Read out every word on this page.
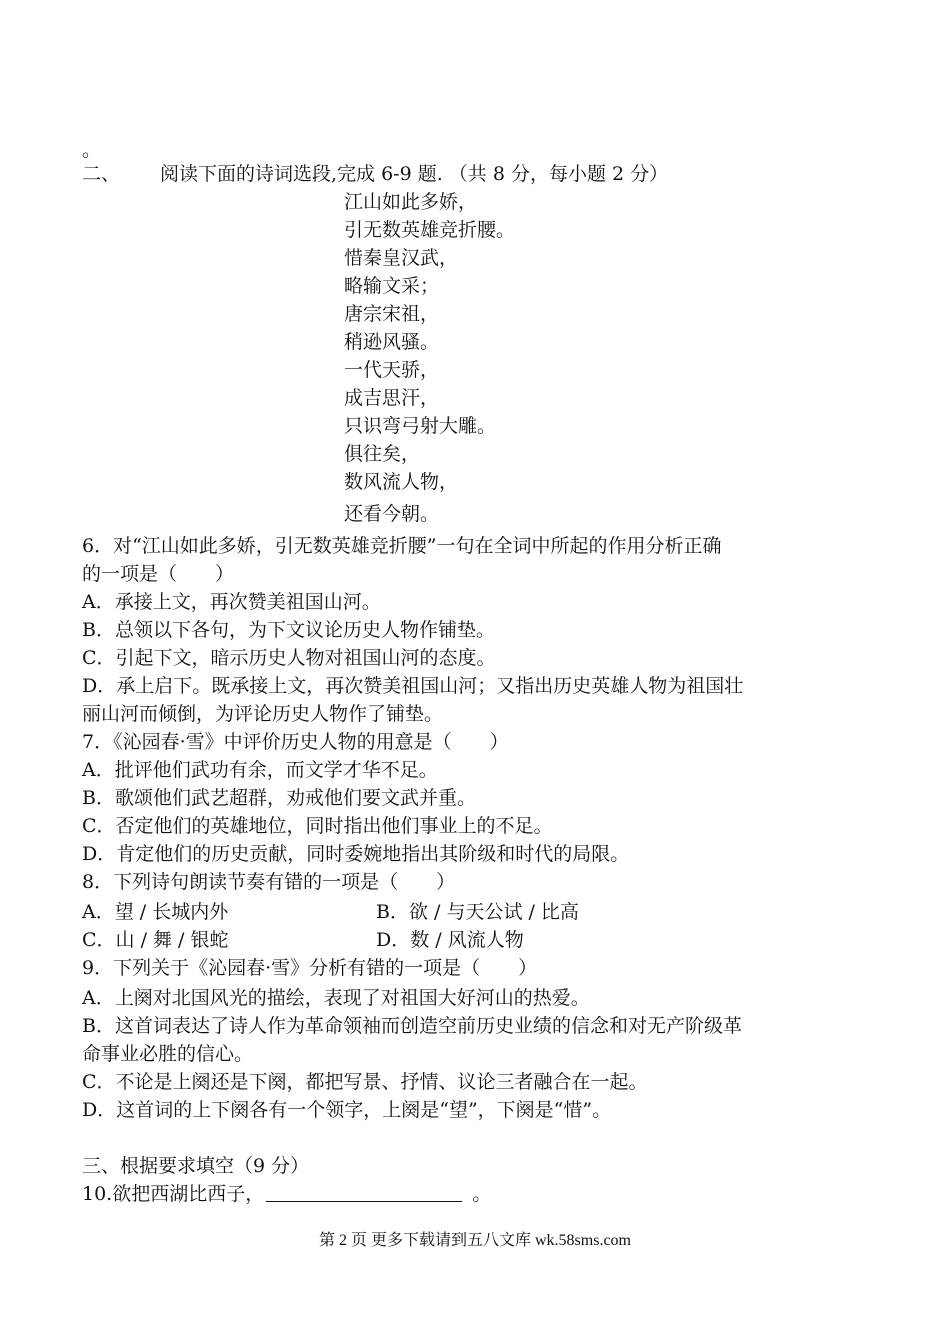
。
二、 阅读下面的诗词选段,完成 6-9 题. （共 8 分，每小题 2 分）
江山如此多娇，
引无数英雄竞折腰。
惜秦皇汉武，
略输文采；
唐宗宋祖，
稍逊风骚。
一代天骄，
成吉思汗，
只识弯弓射大雕。
俱往矣，
数风流人物，
还看今朝。
6．对“江山如此多娇，引无数英雄竞折腰”一句在全词中所起的作用分析正确
的一项是（　　）
A．承接上文，再次赞美祖国山河。
B．总领以下各句，为下文议论历史人物作铺垫。
C．引起下文，暗示历史人物对祖国山河的态度。
D．承上启下。既承接上文，再次赞美祖国山河；又指出历史英雄人物为祖国壮
丽山河而倾倒，为评论历史人物作了铺垫。
7．《沁园春·雪》中评价历史人物的用意是（　　）
A．批评他们武功有余，而文学才华不足。
B．歌颂他们武艺超群，劝戒他们要文武并重。
C．否定他们的英雄地位，同时指出他们事业上的不足。
D．肯定他们的历史贡献，同时委婉地指出其阶级和时代的局限。
8．下列诗句朗读节奏有错的一项是（　　）
A．望 / 长城内外	B．欲 / 与天公试 / 比高
C．山 / 舞 / 银蛇	D．数 / 风流人物
9．下列关于《沁园春·雪》分析有错的一项是（　　）
A．上阕对北国风光的描绘，表现了对祖国大好河山的热爱。
B．这首词表达了诗人作为革命领袖而创造空前历史业绩的信念和对无产阶级革
命事业必胜的信心。
C．不论是上阕还是下阕，都把写景、抒情、议论三者融合在一起。
D．这首词的上下阕各有一个领字，上阕是“望”，下阕是“惜”。
三、根据要求填空（9 分）
10.欲把西湖比西子，	。
第 2 页 更多下载请到五八文库 wk.58sms.com
